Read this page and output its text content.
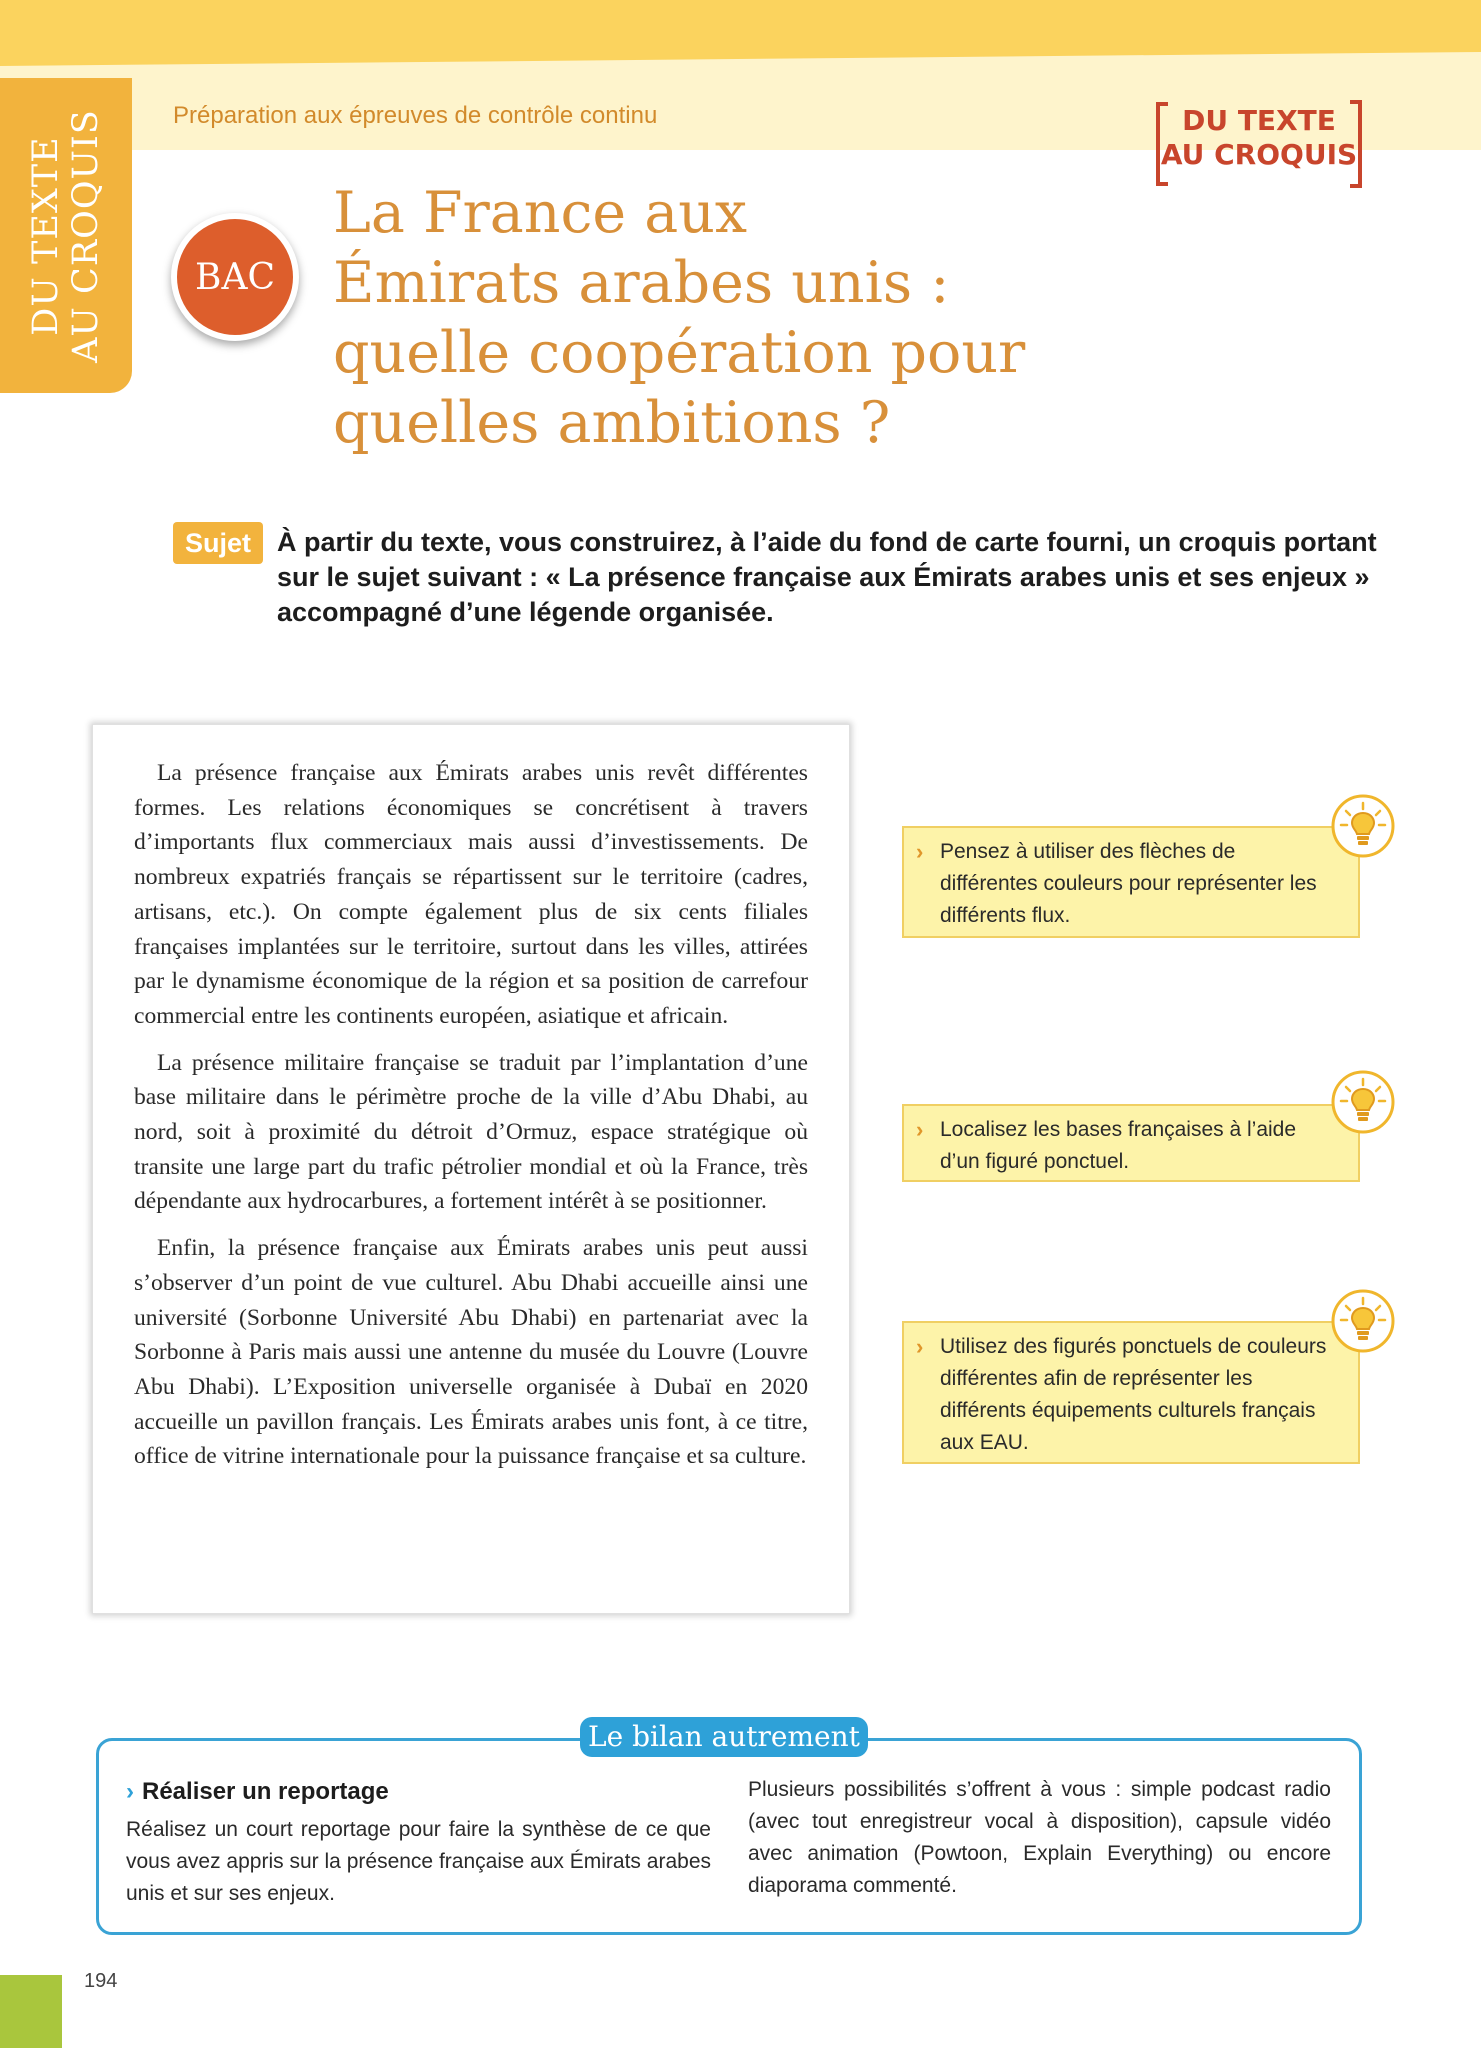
DU TEXTE AU CROQUIS	Préparation aux épreuves de contrôle continu	DU TEXTE
AU CROQUIS
BAC
La France aux
Émirats arabes unis :
quelle coopération pour
quelles ambitions ?
Sujet À partir du texte, vous construirez, à l’aide du fond de carte fourni, un croquis portant
sur le sujet suivant : « La présence française aux Émirats arabes unis et ses enjeux »
accompagné d’une légende organisée.

La présence française aux Émirats arabes unis revêt différentes formes. Les relations économiques se concrétisent à travers d’importants flux commerciaux mais aussi d’investissements. De nombreux expatriés français se répartissent sur le territoire (cadres, artisans, etc.). On compte également plus de six cents filiales françaises implantées sur le territoire, surtout dans les villes, attirées par le dynamisme économique de la région et sa position de carrefour commercial entre les continents européen, asiatique et africain.

La présence militaire française se traduit par l’implantation d’une base militaire dans le périmètre proche de la ville d’Abu Dhabi, au nord, soit à proximité du détroit d’Ormuz, espace stratégique où transite une large part du trafic pétrolier mondial et où la France, très dépendante aux hydrocarbures, a fortement intérêt à se positionner.

Enfin, la présence française aux Émirats arabes unis peut aussi s’observer d’un point de vue culturel. Abu Dhabi accueille ainsi une université (Sorbonne Université Abu Dhabi) en partenariat avec la Sorbonne à Paris mais aussi une antenne du musée du Louvre (Louvre Abu Dhabi). L’Exposition universelle organisée à Dubaï en 2020 accueille un pavillon français. Les Émirats arabes unis font, à ce titre, office de vitrine internationale pour la puissance française et sa culture.

› Pensez à utiliser des flèches de différentes couleurs pour représenter les différents flux.
› Localisez les bases françaises à l’aide d’un figuré ponctuel.
› Utilisez des figurés ponctuels de couleurs différentes afin de représenter les différents équipements culturels français aux EAU.
Le bilan autrement
› Réaliser un reportage
Réalisez un court reportage pour faire la synthèse de ce que vous avez appris sur la présence française aux Émirats arabes unis et sur ses enjeux.
Plusieurs possibilités s’offrent à vous : simple podcast radio (avec tout enregistreur vocal à disposition), capsule vidéo avec animation (Powtoon, Explain Everything) ou encore diaporama commenté.
194
